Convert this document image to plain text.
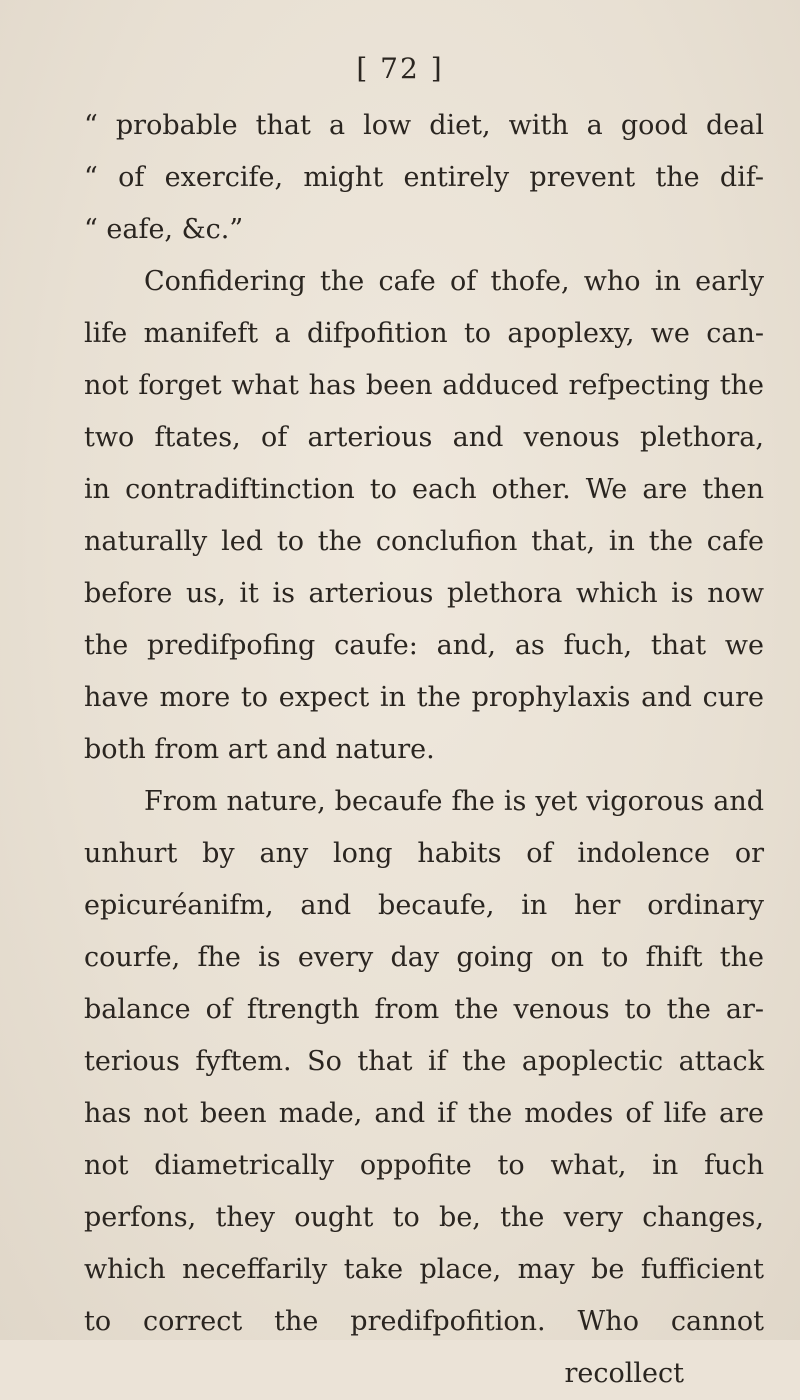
[ 72 ]
“ probable that a low diet, with a good deal
“ of exercife, might entirely prevent the dif-
“ eafe, &c.”
Confidering the cafe of thofe, who in early
life manifeft a difpofition to apoplexy, we can-
not forget what has been adduced refpecting the
two ftates, of arterious and venous plethora,
in contradiftinction to each other. We are then
naturally led to the conclufion that, in the cafe
before us, it is arterious plethora which is now
the predifpofing caufe: and, as fuch, that we
have more to expect in the prophylaxis and cure
both from art and nature.
From nature, becaufe fhe is yet vigorous and
unhurt by any long habits of indolence or
epicuréanifm, and becaufe, in her ordinary
courfe, fhe is every day going on to fhift the
balance of ftrength from the venous to the ar-
terious fyftem. So that if the apoplectic attack
has not been made, and if the modes of life are
not diametrically oppofite to what, in fuch
perfons, they ought to be, the very changes,
which neceffarily take place, may be fufficient
to correct the predifpofition. Who cannot
recollect
